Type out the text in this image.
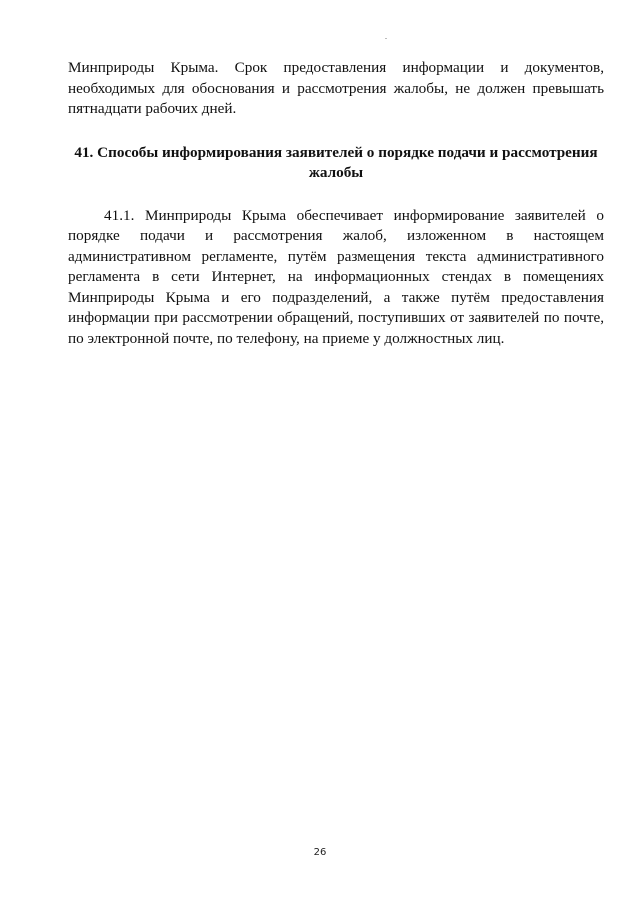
Минприроды Крыма. Срок предоставления информации и документов,
необходимых для обоснования и рассмотрения жалобы, не должен превышать
пятнадцати рабочих дней.

41. Способы информирования заявителей о порядке подачи и рассмотрения
жалобы

41.1. Минприроды Крыма обеспечивает информирование заявителей о
порядке подачи и рассмотрения жалоб, изложенном в настоящем
административном регламенте, путём размещения текста административного
регламента в сети Интернет, на информационных стендах в помещениях
Минприроды Крыма и его подразделений, а также путём предоставления
информации при рассмотрении обращений, поступивших от заявителей по почте,
по электронной почте, по телефону, на приеме у должностных лиц.

26
